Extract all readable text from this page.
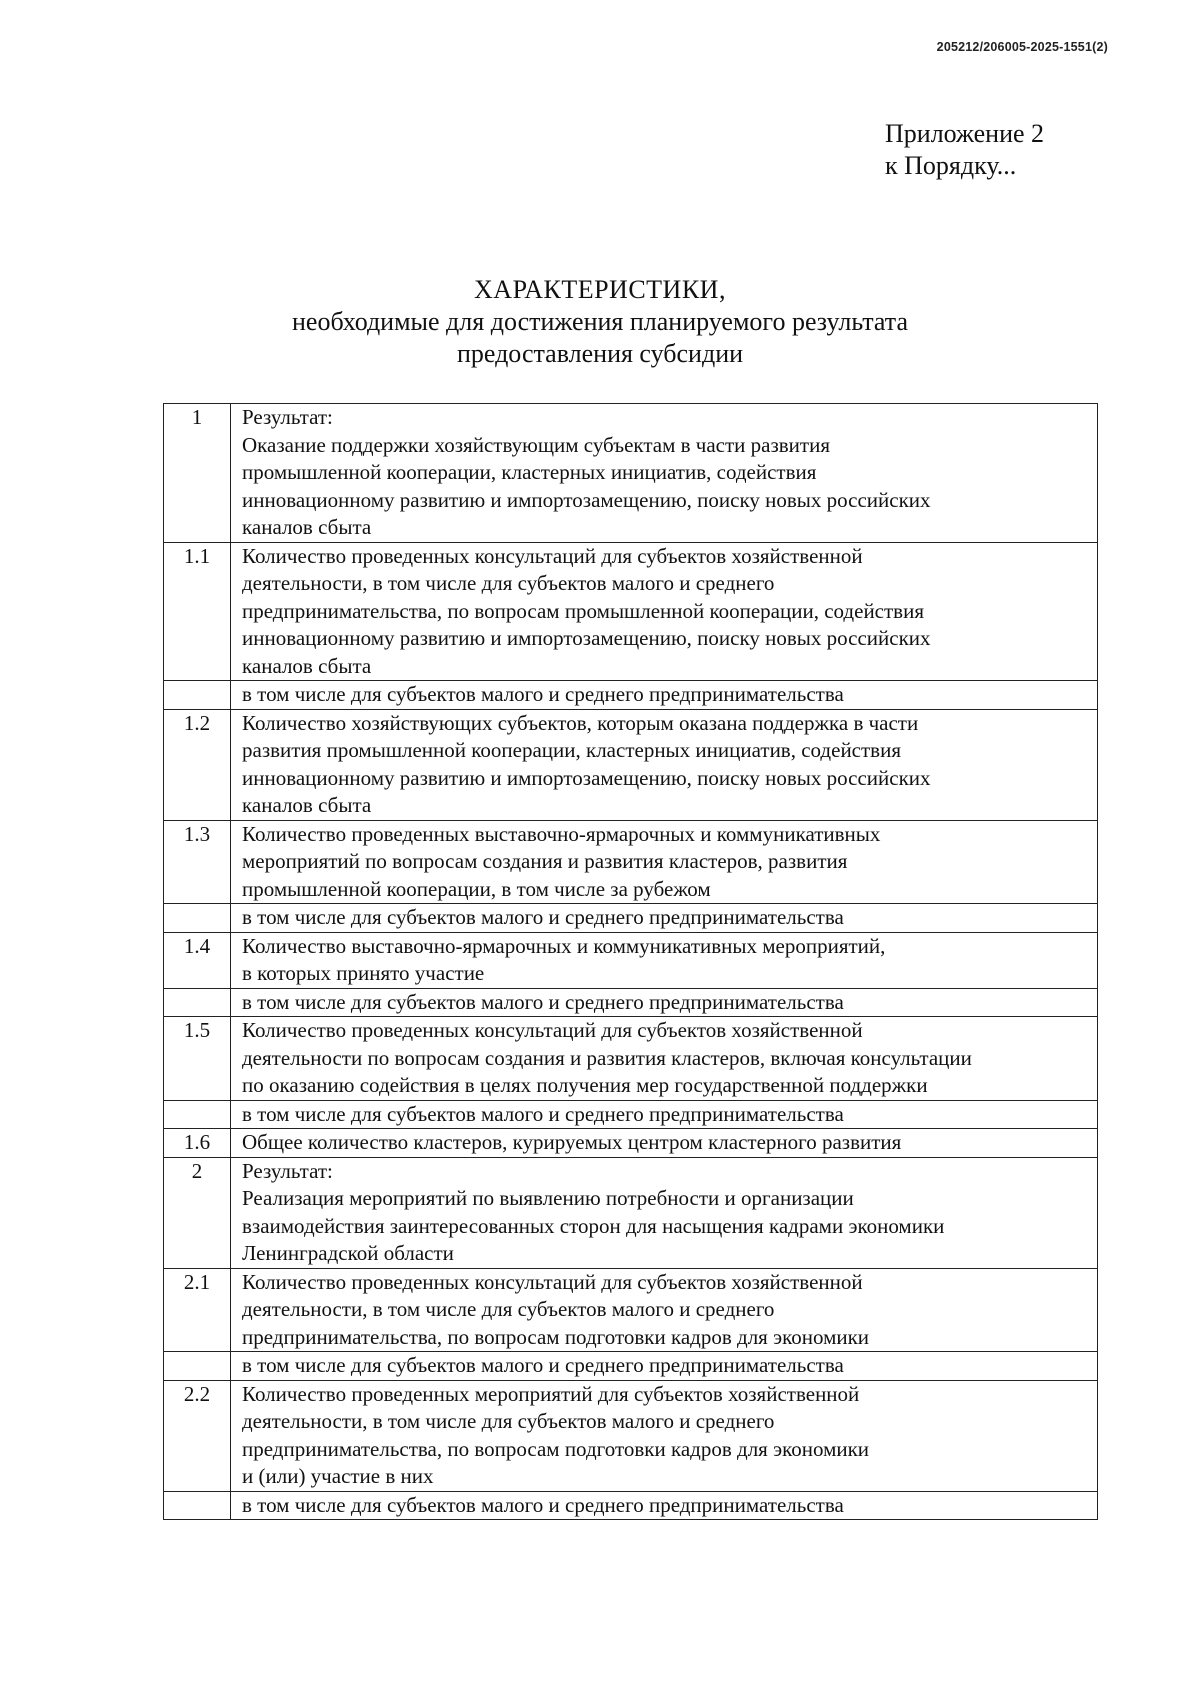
205212/206005-2025-1551(2)
Приложение 2
к Порядку...
ХАРАКТЕРИСТИКИ,
необходимые для достижения планируемого результата
предоставления субсидии
1	Результат:
Оказание поддержки хозяйствующим субъектам в части развития
промышленной кооперации, кластерных инициатив, содействия
инновационному развитию и импортозамещению, поиску новых российских
каналов сбыта

1.1	Количество проведенных консультаций для субъектов хозяйственной
деятельности, в том числе для субъектов малого и среднего
предпринимательства, по вопросам промышленной кооперации, содействия
инновационному развитию и импортозамещению, поиску новых российских
каналов сбыта

	в том числе для субъектов малого и среднего предпринимательства

1.2	Количество хозяйствующих субъектов, которым оказана поддержка в части
развития промышленной кооперации, кластерных инициатив, содействия
инновационному развитию и импортозамещению, поиску новых российских
каналов сбыта

1.3	Количество проведенных выставочно-ярмарочных и коммуникативных
мероприятий по вопросам создания и развития кластеров, развития
промышленной кооперации, в том числе за рубежом

	в том числе для субъектов малого и среднего предпринимательства

1.4	Количество выставочно-ярмарочных и коммуникативных мероприятий,
в которых принято участие

	в том числе для субъектов малого и среднего предпринимательства

1.5	Количество проведенных консультаций для субъектов хозяйственной
деятельности по вопросам создания и развития кластеров, включая консультации
по оказанию содействия в целях получения мер государственной поддержки

	в том числе для субъектов малого и среднего предпринимательства

1.6	Общее количество кластеров, курируемых центром кластерного развития

2	Результат:
Реализация мероприятий по выявлению потребности и организации
взаимодействия заинтересованных сторон для насыщения кадрами экономики
Ленинградской области

2.1	Количество проведенных консультаций для субъектов хозяйственной
деятельности, в том числе для субъектов малого и среднего
предпринимательства, по вопросам подготовки кадров для экономики

	в том числе для субъектов малого и среднего предпринимательства

2.2	Количество проведенных мероприятий для субъектов хозяйственной
деятельности, в том числе для субъектов малого и среднего
предпринимательства, по вопросам подготовки кадров для экономики
и (или) участие в них

	в том числе для субъектов малого и среднего предпринимательства
